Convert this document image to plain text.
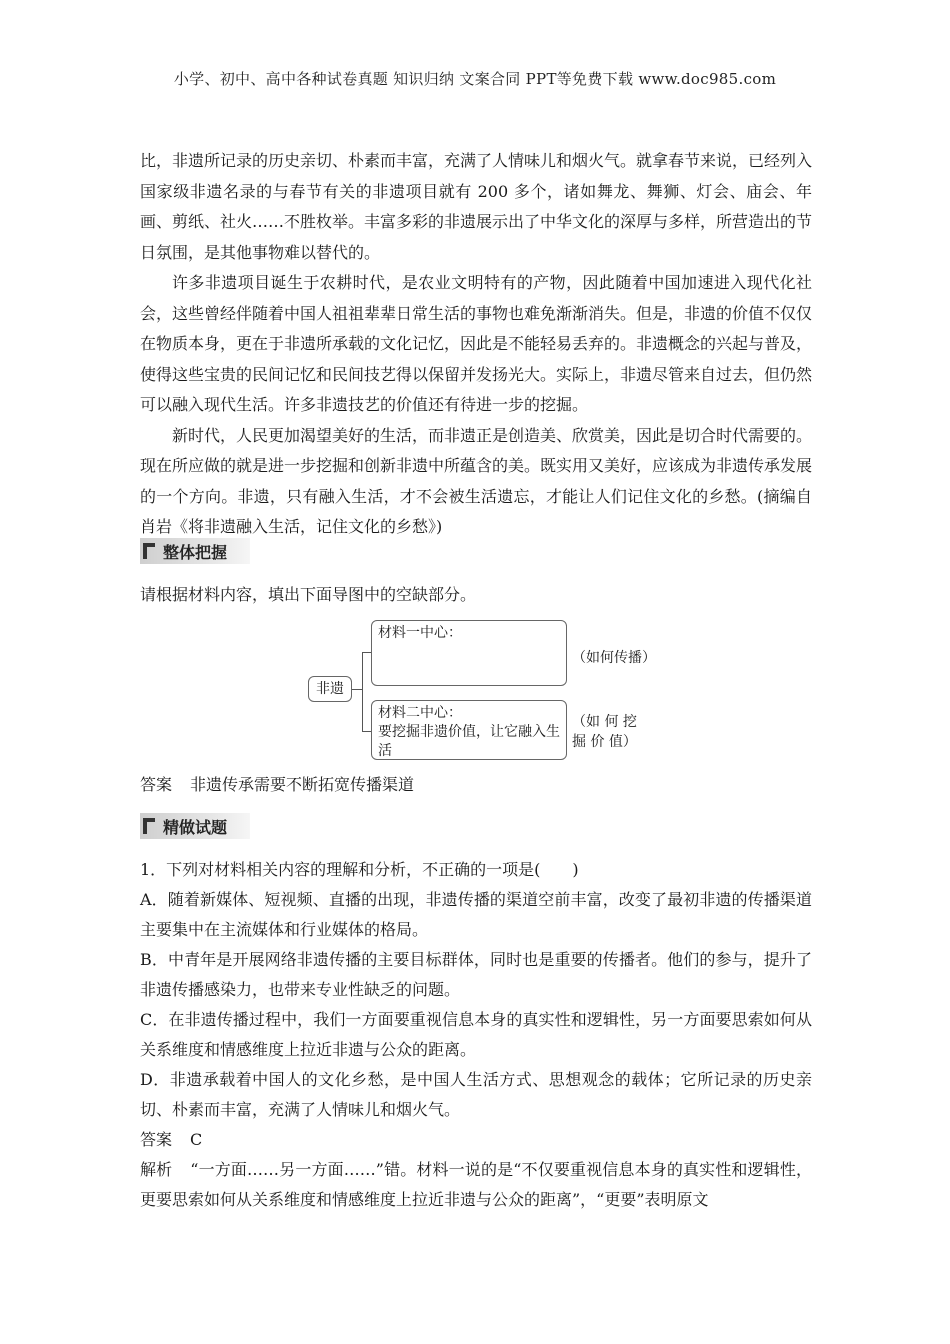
小学、初中、高中各种试卷真题 知识归纳 文案合同 PPT等免费下载 www.doc985.com

比，非遗所记录的历史亲切、朴素而丰富，充满了人情味儿和烟火气。就拿春节来说，已经列入国家级非遗名录的与春节有关的非遗项目就有 200 多个，诸如舞龙、舞狮、灯会、庙会、年画、剪纸、社火……不胜枚举。丰富多彩的非遗展示出了中华文化的深厚与多样，所营造出的节日氛围，是其他事物难以替代的。

许多非遗项目诞生于农耕时代，是农业文明特有的产物，因此随着中国加速进入现代化社会，这些曾经伴随着中国人祖祖辈辈日常生活的事物也难免渐渐消失。但是，非遗的价值不仅仅在物质本身，更在于非遗所承载的文化记忆，因此是不能轻易丢弃的。非遗概念的兴起与普及，使得这些宝贵的民间记忆和民间技艺得以保留并发扬光大。实际上，非遗尽管来自过去，但仍然可以融入现代生活。许多非遗技艺的价值还有待进一步的挖掘。

新时代，人民更加渴望美好的生活，而非遗正是创造美、欣赏美，因此是切合时代需要的。现在所应做的就是进一步挖掘和创新非遗中所蕴含的美。既实用又美好，应该成为非遗传承发展的一个方向。非遗，只有融入生活，才不会被生活遗忘，才能让人们记住文化的乡愁。(摘编自肖岩《将非遗融入生活，记住文化的乡愁》)

整体把握
请根据材料内容，填出下面导图中的空缺部分。
非遗
材料一中心：
（如何传播）
材料二中心：
要挖掘非遗价值，让它融入生活
（如 何 挖 掘 价 值）
答案 非遗传承需要不断拓宽传播渠道
精做试题

1．下列对材料相关内容的理解和分析，不正确的一项是(　　)

A．随着新媒体、短视频、直播的出现，非遗传播的渠道空前丰富，改变了最初非遗的传播渠道主要集中在主流媒体和行业媒体的格局。

B．中青年是开展网络非遗传播的主要目标群体，同时也是重要的传播者。他们的参与，提升了非遗传播感染力，也带来专业性缺乏的问题。

C．在非遗传播过程中，我们一方面要重视信息本身的真实性和逻辑性，另一方面要思索如何从关系维度和情感维度上拉近非遗与公众的距离。

D．非遗承载着中国人的文化乡愁，是中国人生活方式、思想观念的载体；它所记录的历史亲切、朴素而丰富，充满了人情味儿和烟火气。

答案 C

解析 “一方面……另一方面……”错。材料一说的是“不仅要重视信息本身的真实性和逻辑性，更要思索如何从关系维度和情感维度上拉近非遗与公众的距离”，“更要”表明原文
